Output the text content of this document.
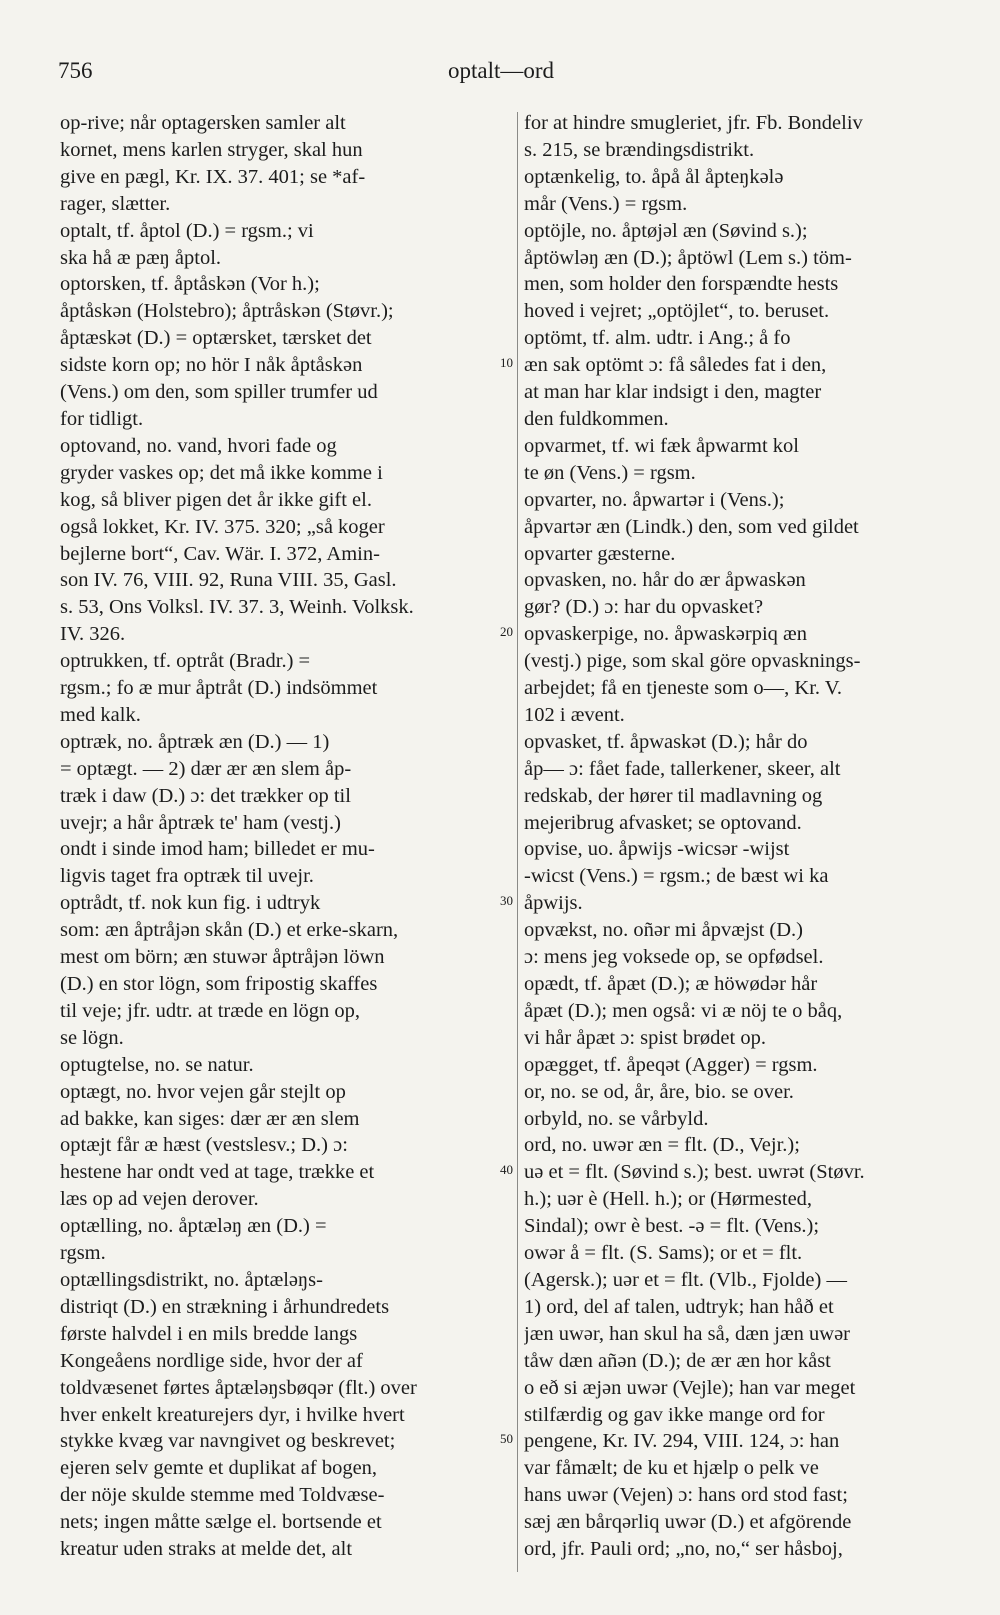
756	optalt—ord
op-rive; når optagersken samler alt
kornet, mens karlen stryger, skal hun
give en pægl, Kr. IX. 37. 401; se *af-
rager, slætter.
optalt, tf. åptol (D.) = rgsm.; vi
ska hå æ pæŋ åptol.
optorsken, tf. åptåskən (Vor h.);
åptåskən (Holstebro); åptråskən (Støvr.);
åptæskət (D.) = optærsket, tærsket det
sidste korn op; no hör I nåk åptåskən
(Vens.) om den, som spiller trumfer ud
for tidligt.
optovand, no. vand, hvori fade og
gryder vaskes op; det må ikke komme i
kog, så bliver pigen det år ikke gift el.
også lokket, Kr. IV. 375. 320; „så koger
bejlerne bort“, Cav. Wär. I. 372, Amin-
son IV. 76, VIII. 92, Runa VIII. 35, Gasl.
s. 53, Ons Volksl. IV. 37. 3, Weinh. Volksk.
IV. 326.
optrukken, tf. optråt (Bradr.) =
rgsm.; fo æ mur åptråt (D.) indsömmet
med kalk.
optræk, no. åptræk æn (D.) — 1)
= optægt. — 2) dær ær æn slem åp-
træk i daw (D.) ɔ: det trækker op til
uvejr; a hår åptræk te' ham (vestj.)
ondt i sinde imod ham; billedet er mu-
ligvis taget fra optræk til uvejr.
optrådt, tf. nok kun fig. i udtryk
som: æn åptråjən skån (D.) et erke-skarn,
mest om börn; æn stuwər åptråjən löwn
(D.) en stor lögn, som fripostig skaffes
til veje; jfr. udtr. at træde en lögn op,
se lögn.
optugtelse, no. se natur.
optægt, no. hvor vejen går stejlt op
ad bakke, kan siges: dær ær æn slem
optæjt får æ hæst (vestslesv.; D.) ɔ:
hestene har ondt ved at tage, trække et
læs op ad vejen derover.
optælling, no. åptæləŋ æn (D.) =
rgsm.
optællingsdistrikt, no. åptæləŋs-
distriqt (D.) en strækning i århundredets
første halvdel i en mils bredde langs
Kongeåens nordlige side, hvor der af
toldvæsenet førtes åptæləŋsbøqər (flt.) over
hver enkelt kreaturejers dyr, i hvilke hvert
stykke kvæg var navngivet og beskrevet;
ejeren selv gemte et duplikat af bogen,
der nöje skulde stemme med Toldvæse-
nets; ingen måtte sælge el. bortsende et
kreatur uden straks at melde det, alt
for at hindre smugleriet, jfr. Fb. Bondeliv
s. 215, se brændingsdistrikt.
optænkelig, to. åpå ål åpteŋkələ
mår (Vens.) = rgsm.
optöjle, no. åptøjəl æn (Søvind s.);
åptöwləŋ æn (D.); åptöwl (Lem s.) töm-
men, som holder den forspændte hests
hoved i vejret; „optöjlet“, to. beruset.
optömt, tf. alm. udtr. i Ang.; å fo
æn sak optömt ɔ: få således fat i den,
at man har klar indsigt i den, magter
den fuldkommen.
opvarmet, tf. wi fæk åpwarmt kol
te øn (Vens.) = rgsm.
opvarter, no. åpwartər i (Vens.);
åpvartər æn (Lindk.) den, som ved gildet
opvarter gæsterne.
opvasken, no. hår do ær åpwaskən
gør? (D.) ɔ: har du opvasket?
opvaskerpige, no. åpwaskərpiq æn
(vestj.) pige, som skal göre opvasknings-
arbejdet; få en tjeneste som o—, Kr. V.
102 i ævent.
opvasket, tf. åpwaskət (D.); hår do
åp— ɔ: fået fade, tallerkener, skeer, alt
redskab, der hører til madlavning og
mejeribrug afvasket; se optovand.
opvise, uo. åpwijs -wicsər -wijst
-wicst (Vens.) = rgsm.; de bæst wi ka
åpwijs.
opvækst, no. oñər mi åpvæjst (D.)
ɔ: mens jeg voksede op, se opfødsel.
opædt, tf. åpæt (D.); æ höwødər hår
åpæt (D.); men også: vi æ nöj te o båq,
vi hår åpæt ɔ: spist brødet op.
opægget, tf. åpeqət (Agger) = rgsm.
or, no. se od, år, åre, bio. se over.
orbyld, no. se vårbyld.
ord, no. uwər æn = flt. (D., Vejr.);
uə et = flt. (Søvind s.); best. uwrət (Støvr.
h.); uər è (Hell. h.); or (Hørmested,
Sindal); owr è best. -ə = flt. (Vens.);
owər å = flt. (S. Sams); or et = flt.
(Agersk.); uər et = flt. (Vlb., Fjolde) —
1) ord, del af talen, udtryk; han håð et
jæn uwər, han skul ha så, dæn jæn uwər
tåw dæn añən (D.); de ær æn hor kåst
o eð si æjən uwər (Vejle); han var meget
stilfærdig og gav ikke mange ord for
pengene, Kr. IV. 294, VIII. 124, ɔ: han
var fåmælt; de ku et hjælp o pelk ve
hans uwər (Vejen) ɔ: hans ord stod fast;
sæj æn bårqərliq uwər (D.) et afgörende
ord, jfr. Pauli ord; „no, no,“ ser håsboj,
10
20
30
40
50
